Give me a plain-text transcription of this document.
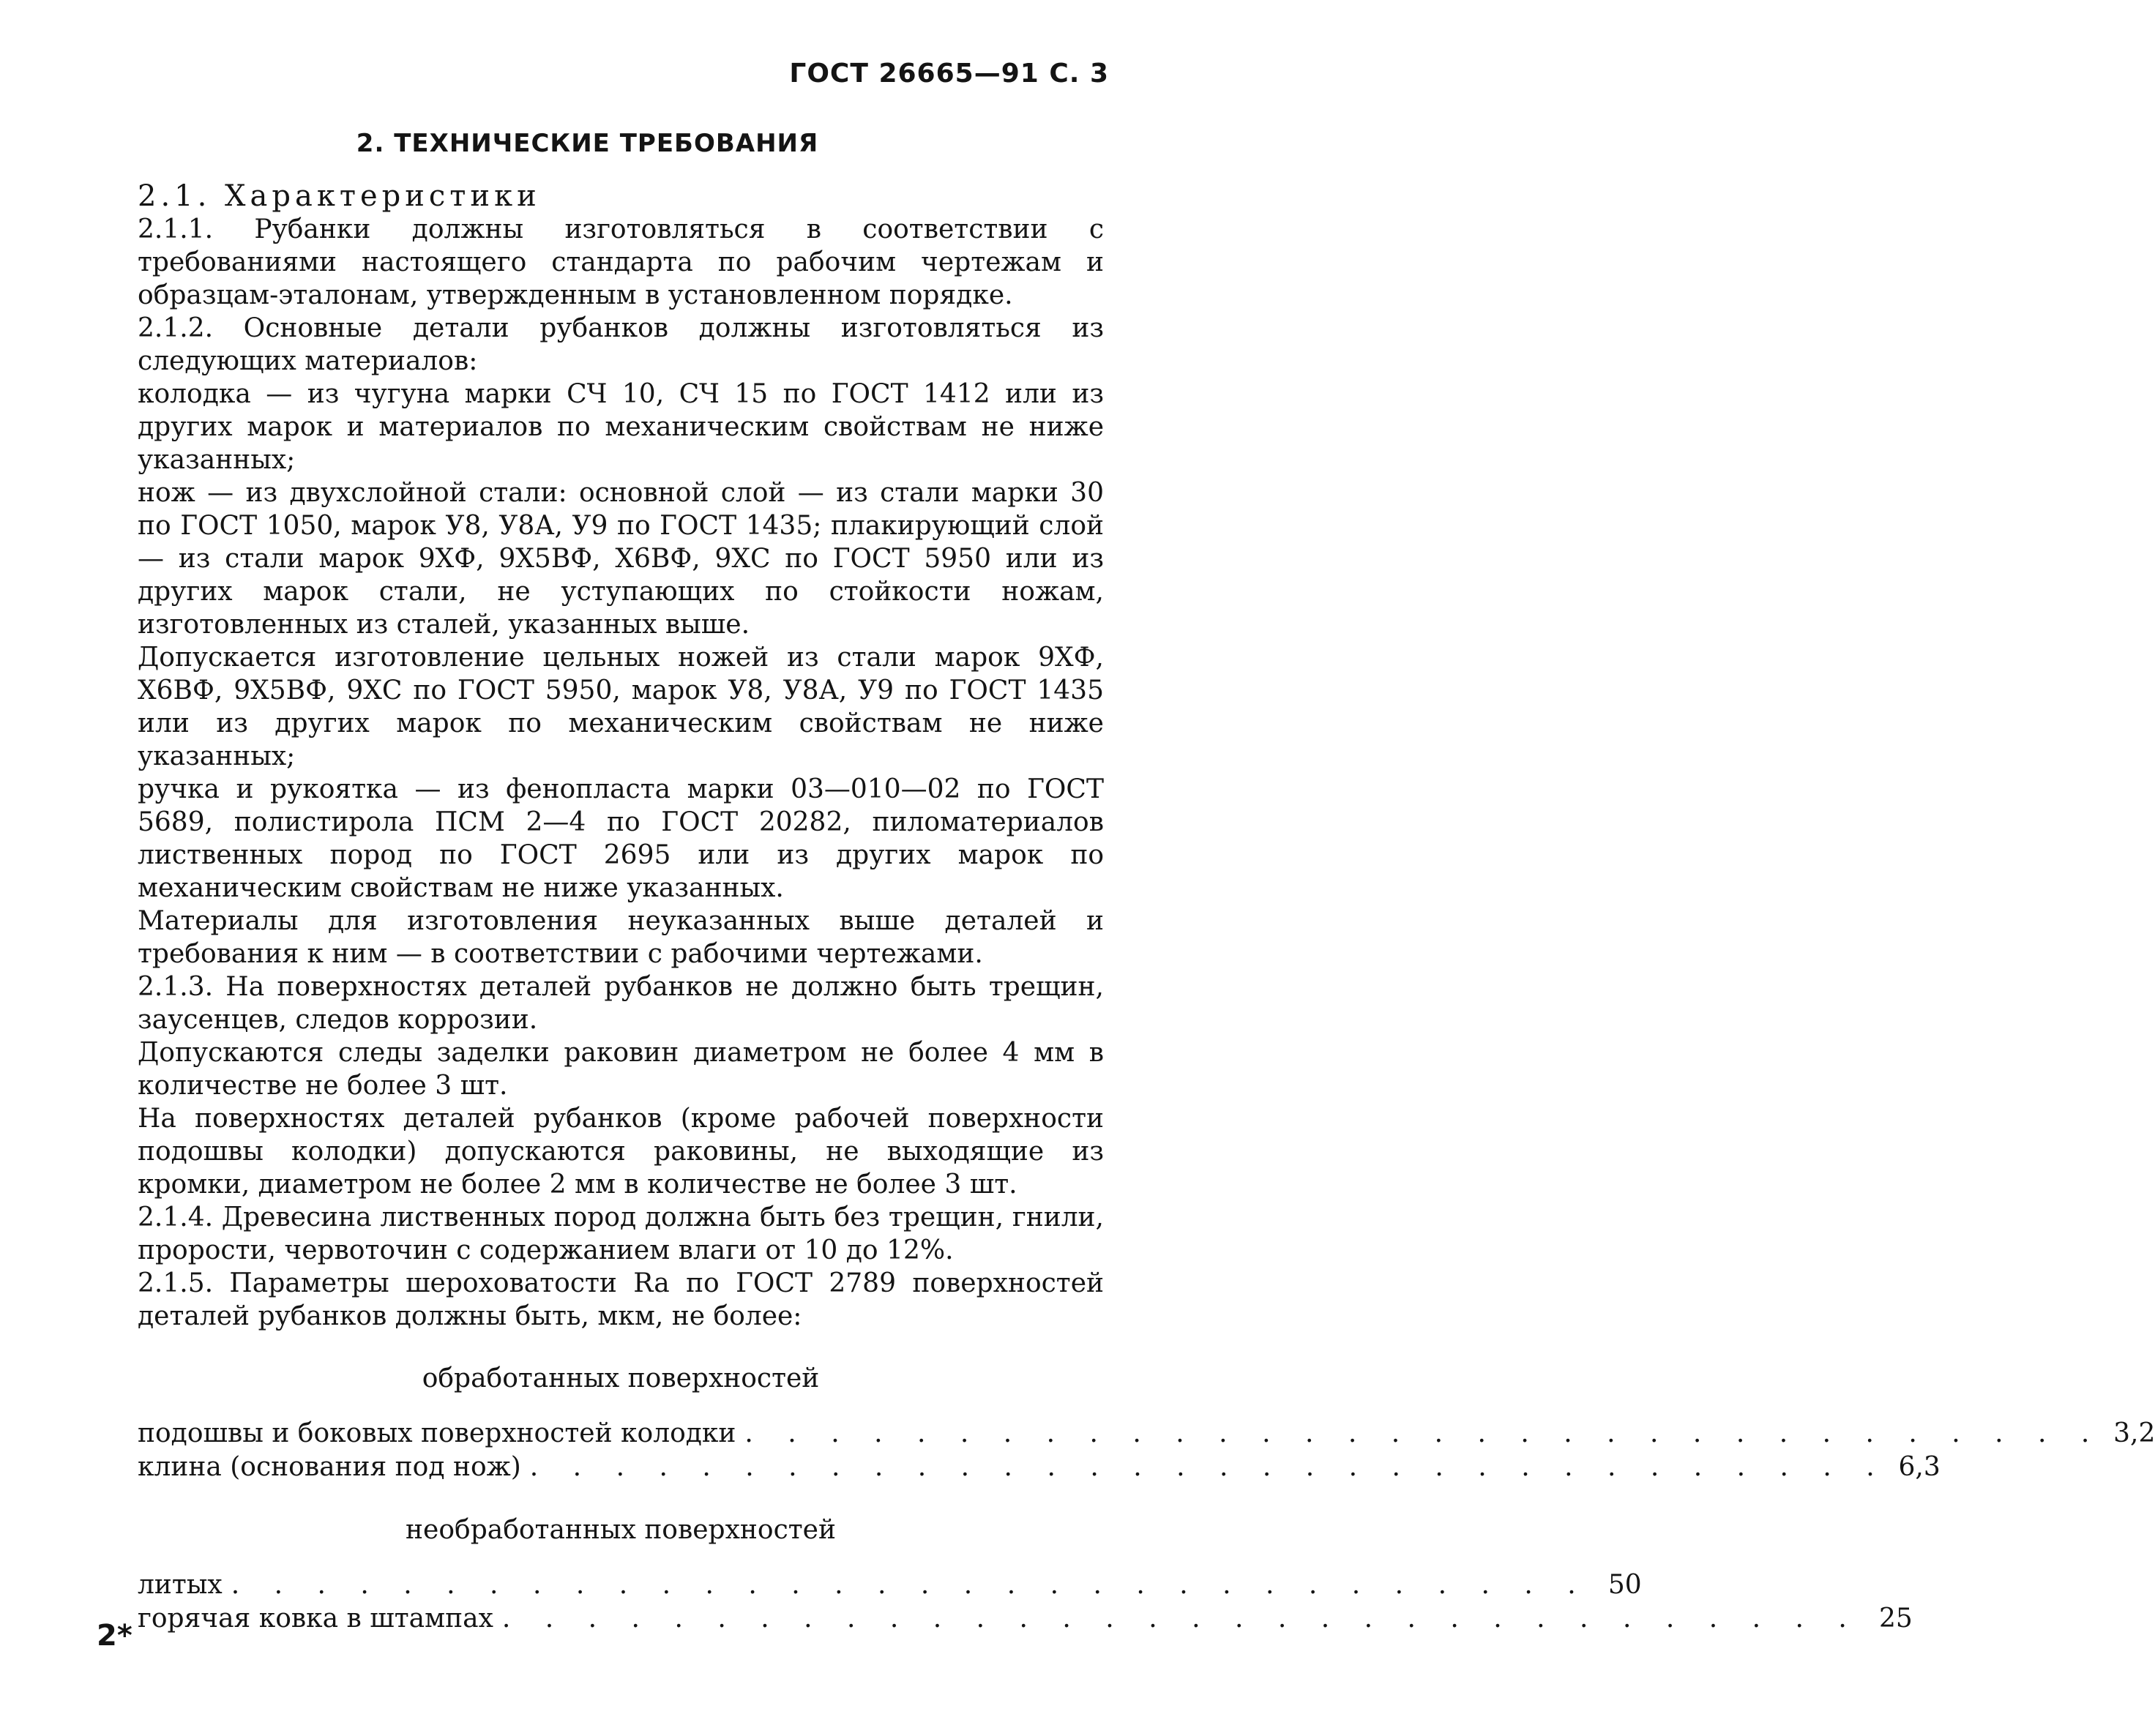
ГОСТ 26665—91 С. 3
2. ТЕХНИЧЕСКИЕ ТРЕБОВАНИЯ

2.1. Характеристики

2.1.1. Рубанки должны изготовляться в соответствии с требованиями настоящего стандарта по рабочим чертежам и образцам-эталонам, утвержденным в установленном порядке.

2.1.2. Основные детали рубанков должны изготовляться из следующих материалов:

колодка — из чугуна марки СЧ 10, СЧ 15 по ГОСТ 1412 или из других марок и материалов по механическим свойствам не ниже указанных;

нож — из двухслойной стали: основной слой — из стали марки 30 по ГОСТ 1050, марок У8, У8А, У9 по ГОСТ 1435; плакирующий слой — из стали марок 9ХФ, 9Х5ВФ, Х6ВФ, 9ХС по ГОСТ 5950 или из других марок стали, не уступающих по стойкости ножам, изготовленных из сталей, указанных выше.

Допускается изготовление цельных ножей из стали марок 9ХФ, Х6ВФ, 9Х5ВФ, 9ХС по ГОСТ 5950, марок У8, У8А, У9 по ГОСТ 1435 или из других марок по механическим свойствам не ниже указанных;

ручка и рукоятка — из фенопласта марки 03—010—02 по ГОСТ 5689, полистирола ПСМ 2—4 по ГОСТ 20282, пиломатериалов лиственных пород по ГОСТ 2695 или из других марок по механическим свойствам не ниже указанных.

Материалы для изготовления неуказанных выше деталей и требования к ним — в соответствии с рабочими чертежами.

2.1.3. На поверхностях деталей рубанков не должно быть трещин, заусенцев, следов коррозии.

Допускаются следы заделки раковин диаметром не более 4 мм в количестве не более 3 шт.

На поверхностях деталей рубанков (кроме рабочей поверхности подошвы колодки) допускаются раковины, не выходящие из кромки, диаметром не более 2 мм в количестве не более 3 шт.

2.1.4. Древесина лиственных пород должна быть без трещин, гнили, прорости, червоточин с содержанием влаги от 10 до 12%.

2.1.5. Параметры шероховатости Ra по ГОСТ 2789 поверхностей деталей рубанков должны быть, мкм, не более:

обработанных поверхностей
подошвы и боковых поверхностей колодки . . . . . . . . . . . . . . . . . . . . . . . . . . . . . . . . 3,2
клина (основания под нож) . . . . . . . . . . . . . . . . . . . . . . . . . . . . . . . . 6,3
необработанных поверхностей
литых . . . . . . . . . . . . . . . . . . . . . . . . . . . . . . . . 50
горячая ковка в штампах . . . . . . . . . . . . . . . . . . . . . . . . . . . . . . . . 25
2*
